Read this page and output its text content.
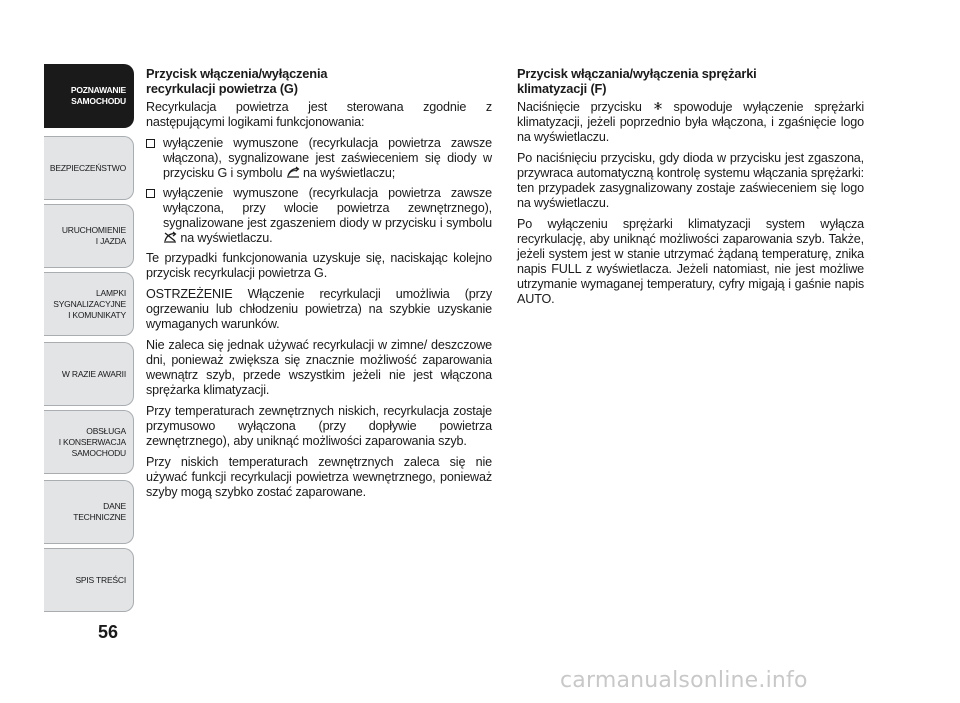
POZNAWANIE
SAMOCHODU
BEZPIECZEŃSTWO
URUCHOMIENIE
I JAZDA
LAMPKI
SYGNALIZACYJNE
I KOMUNIKATY
W RAZIE AWARII
OBSŁUGA
I KONSERWACJA
SAMOCHODU
DANE
TECHNICZNE
SPIS TREŚCI
56
Przycisk włączenia/wyłączenia
recyrkulacji powietrza (G)

Recyrkulacja powietrza jest sterowana zgodnie z następującymi logikami funkcjonowania:

wyłączenie wymuszone (recyrkulacja powietrza zawsze włączona), sygnalizowane jest zaświeceniem się diody w przycisku G i symbolu na wyświetlaczu;
wyłączenie wymuszone (recyrkulacja powietrza zawsze wyłączona, przy wlocie powietrza zewnętrznego), sygnalizowane jest zgaszeniem diody w przycisku i symbolu  na wyświetlaczu.

Te przypadki funkcjonowania uzyskuje się, naciskając kolejno przycisk recyrkulacji powietrza G.

OSTRZEŻENIE Włączenie recyrkulacji umożliwia (przy ogrzewaniu lub chłodzeniu powietrza) na szybkie uzyskanie wymaganych warunków.

Nie zaleca się jednak używać recyrkulacji w zimne/ deszczowe dni, ponieważ zwiększa się znacznie możliwość zaparowania wewnątrz szyb, przede wszystkim jeżeli nie jest włączona sprężarka klimatyzacji.

Przy temperaturach zewnętrznych niskich, recyrkulacja zostaje przymusowo wyłączona (przy dopływie powietrza zewnętrznego), aby uniknąć możliwości zaparowania szyb.

Przy niskich temperaturach zewnętrznych zaleca się nie używać funkcji recyrkulacji powietrza wewnętrznego, ponieważ szyby mogą szybko zostać zaparowane.

Przycisk włączania/wyłączenia sprężarki
klimatyzacji (F)

Naciśnięcie przycisku	spowoduje wyłączenie sprężarki klimatyzacji, jeżeli poprzednio była włączona, i zgaśnięcie logo na wyświetlaczu.

Po naciśnięciu przycisku, gdy dioda w przycisku jest zgaszona, przywraca automatyczną kontrolę systemu włączania sprężarki: ten przypadek zasygnalizowany zostaje zaświeceniem się logo na wyświetlaczu.

Po wyłączeniu sprężarki klimatyzacji system wyłącza recyrkulację, aby uniknąć możliwości zaparowania szyb. Także, jeżeli system jest w stanie utrzymać żądaną temperaturę, znika napis FULL z wyświetlacza. Jeżeli natomiast, nie jest możliwe utrzymanie wymaganej temperatury, cyfry migają i gaśnie napis AUTO.

carmanualsonline.info
